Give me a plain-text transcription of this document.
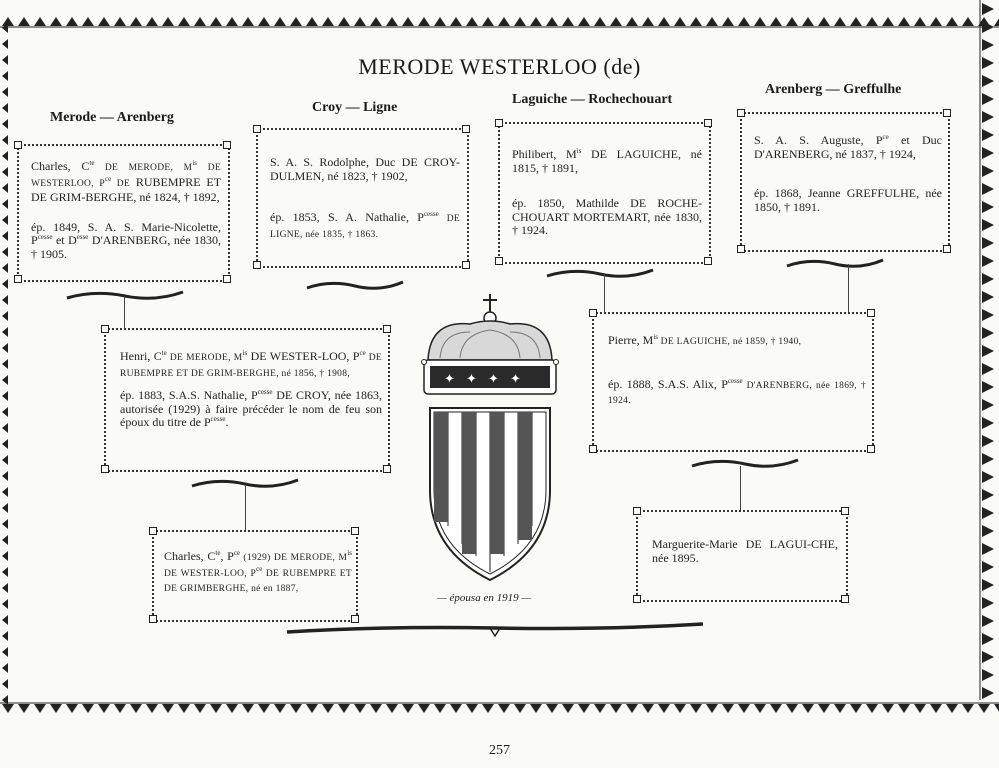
MERODE WESTERLOO (de)
Merode — Arenberg
Croy — Ligne
Laguiche — Rochechouart
Arenberg — Greffulhe

Charles, $C^{te}$ DE MERODE, $M^{is}$ DE WESTERLOO, $P^{ce}$ DE RUBEMPRE ET DE GRIM-BERGHE, né 1824, † 1892,

ép. 1849, S. A. S. Marie-Nicolette, $P^{cesse}$ et $D^{esse}$ D'ARENBERG, née 1830, † 1905.

S. A. S. Rodolphe, Duc DE CROY-DULMEN, né 1823, † 1902,

ép. 1853, S. A. Nathalie, $P^{cesse}$ DE LIGNE, née 1835, † 1863.

Philibert, $M^{is}$ DE LAGUICHE, né 1815, † 1891,

ép. 1850, Mathilde DE ROCHE-CHOUART MORTEMART, née 1830, † 1924.

S. A. S. Auguste, $P^{ce}$ et Duc D'ARENBERG, né 1837, † 1924,

ép. 1868, Jeanne GREFFULHE, née 1850, † 1891.

Henri, $C^{te}$ DE MERODE, $M^{is}$ DE WESTER-LOO, $P^{ce}$ DE RUBEMPRE ET DE GRIM-BERGHE, né 1856, † 1908,

ép. 1883, S.A.S. Nathalie, $P^{cesse}$ DE CROY, née 1863, autorisée (1929) à faire précéder le nom de feu son époux du titre de $P^{cesse}$.

Pierre, $M^{is}$ DE LAGUICHE, né 1859, † 1940,

ép. 1888, S.A.S. Alix, $P^{cesse}$ D'ARENBERG, née 1869, † 1924.

Charles, $C^{te}$, $P^{ce}$ (1929) DE MERODE, $M^{is}$ DE WESTER-LOO, $P^{ce}$ DE RUBEMPRE ET DE GRIMBERGHE, né en 1887,

Marguerite-Marie DE LAGUI-CHE, née 1895.

✦ ✦ ✦ ✦
— épousa en 1919 —
257
